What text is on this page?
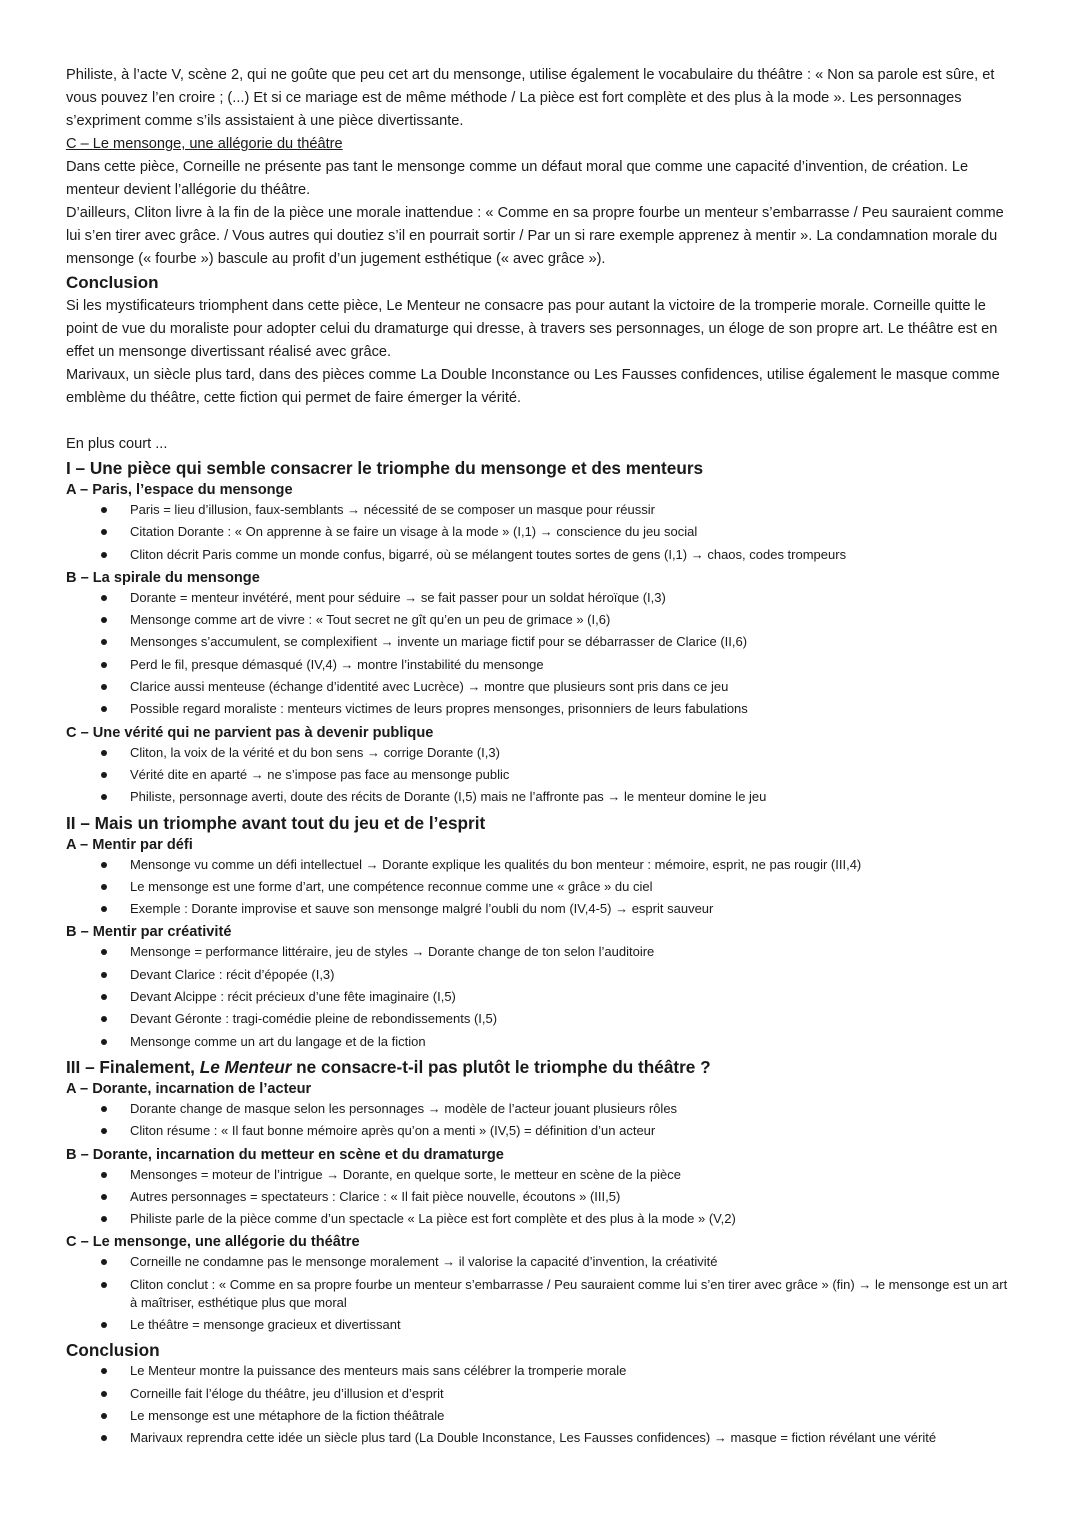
Philiste, à l’acte V, scène 2, qui ne goûte que peu cet art du mensonge, utilise également le vocabulaire du théâtre : « Non sa parole est sûre, et vous pouvez l’en croire ; (...) Et si ce mariage est de même méthode / La pièce est fort complète et des plus à la mode ». Les personnages s’expriment comme s’ils assistaient à une pièce divertissante.

C – Le mensonge, une allégorie du théâtre

Dans cette pièce, Corneille ne présente pas tant le mensonge comme un défaut moral que comme une capacité d’invention, de création. Le menteur devient l’allégorie du théâtre.

D’ailleurs, Cliton livre à la fin de la pièce une morale inattendue : « Comme en sa propre fourbe un menteur s’embarrasse / Peu sauraient comme lui s’en tirer avec grâce. / Vous autres qui doutiez s’il en pourrait sortir / Par un si rare exemple apprenez à mentir ». La condamnation morale du mensonge (« fourbe ») bascule au profit d’un jugement esthétique (« avec grâce »).

Conclusion

Si les mystificateurs triomphent dans cette pièce, Le Menteur ne consacre pas pour autant la victoire de la tromperie morale. Corneille quitte le point de vue du moraliste pour adopter celui du dramaturge qui dresse, à travers ses personnages, un éloge de son propre art. Le théâtre est en effet un mensonge divertissant réalisé avec grâce.

Marivaux, un siècle plus tard, dans des pièces comme La Double Inconstance ou Les Fausses confidences, utilise également le masque comme emblème du théâtre, cette fiction qui permet de faire émerger la vérité.

En plus court ...

I – Une pièce qui semble consacrer le triomphe du mensonge et des menteurs

A – Paris, l’espace du mensonge

Paris = lieu d’illusion, faux-semblants → nécessité de se composer un masque pour réussir
Citation Dorante : « On apprenne à se faire un visage à la mode » (I,1) → conscience du jeu social
Cliton décrit Paris comme un monde confus, bigarré, où se mélangent toutes sortes de gens (I,1) → chaos, codes trompeurs

B – La spirale du mensonge

Dorante = menteur invétéré, ment pour séduire → se fait passer pour un soldat héroïque (I,3)
Mensonge comme art de vivre : « Tout secret ne gît qu’en un peu de grimace » (I,6)
Mensonges s’accumulent, se complexifient → invente un mariage fictif pour se débarrasser de Clarice (II,6)
Perd le fil, presque démasqué (IV,4) → montre l’instabilité du mensonge
Clarice aussi menteuse (échange d’identité avec Lucrèce) → montre que plusieurs sont pris dans ce jeu
Possible regard moraliste : menteurs victimes de leurs propres mensonges, prisonniers de leurs fabulations

C – Une vérité qui ne parvient pas à devenir publique

Cliton, la voix de la vérité et du bon sens → corrige Dorante (I,3)
Vérité dite en aparté → ne s’impose pas face au mensonge public
Philiste, personnage averti, doute des récits de Dorante (I,5) mais ne l’affronte pas → le menteur domine le jeu

II – Mais un triomphe avant tout du jeu et de l’esprit

A – Mentir par défi

Mensonge vu comme un défi intellectuel → Dorante explique les qualités du bon menteur : mémoire, esprit, ne pas rougir (III,4)
Le mensonge est une forme d’art, une compétence reconnue comme une « grâce » du ciel
Exemple : Dorante improvise et sauve son mensonge malgré l’oubli du nom (IV,4-5) → esprit sauveur

B – Mentir par créativité

Mensonge = performance littéraire, jeu de styles → Dorante change de ton selon l’auditoire
Devant Clarice : récit d’épopée (I,3)
Devant Alcippe : récit précieux d’une fête imaginaire (I,5)
Devant Géronte : tragi-comédie pleine de rebondissements (I,5)
Mensonge comme un art du langage et de la fiction

III – Finalement, Le Menteur ne consacre-t-il pas plutôt le triomphe du théâtre ?

A – Dorante, incarnation de l’acteur

Dorante change de masque selon les personnages → modèle de l’acteur jouant plusieurs rôles
Cliton résume : « Il faut bonne mémoire après qu’on a menti » (IV,5) = définition d’un acteur

B – Dorante, incarnation du metteur en scène et du dramaturge

Mensonges = moteur de l’intrigue → Dorante, en quelque sorte, le metteur en scène de la pièce
Autres personnages = spectateurs : Clarice : « Il fait pièce nouvelle, écoutons » (III,5)
Philiste parle de la pièce comme d’un spectacle « La pièce est fort complète et des plus à la mode » (V,2)

C – Le mensonge, une allégorie du théâtre

Corneille ne condamne pas le mensonge moralement → il valorise la capacité d’invention, la créativité
Cliton conclut : « Comme en sa propre fourbe un menteur s’embarrasse / Peu sauraient comme lui s’en tirer avec grâce » (fin) → le mensonge est un art à maîtriser, esthétique plus que moral
Le théâtre = mensonge gracieux et divertissant

Conclusion

Le Menteur montre la puissance des menteurs mais sans célébrer la tromperie morale
Corneille fait l’éloge du théâtre, jeu d’illusion et d’esprit
Le mensonge est une métaphore de la fiction théâtrale
Marivaux reprendra cette idée un siècle plus tard (La Double Inconstance, Les Fausses confidences) → masque = fiction révélant une vérité
